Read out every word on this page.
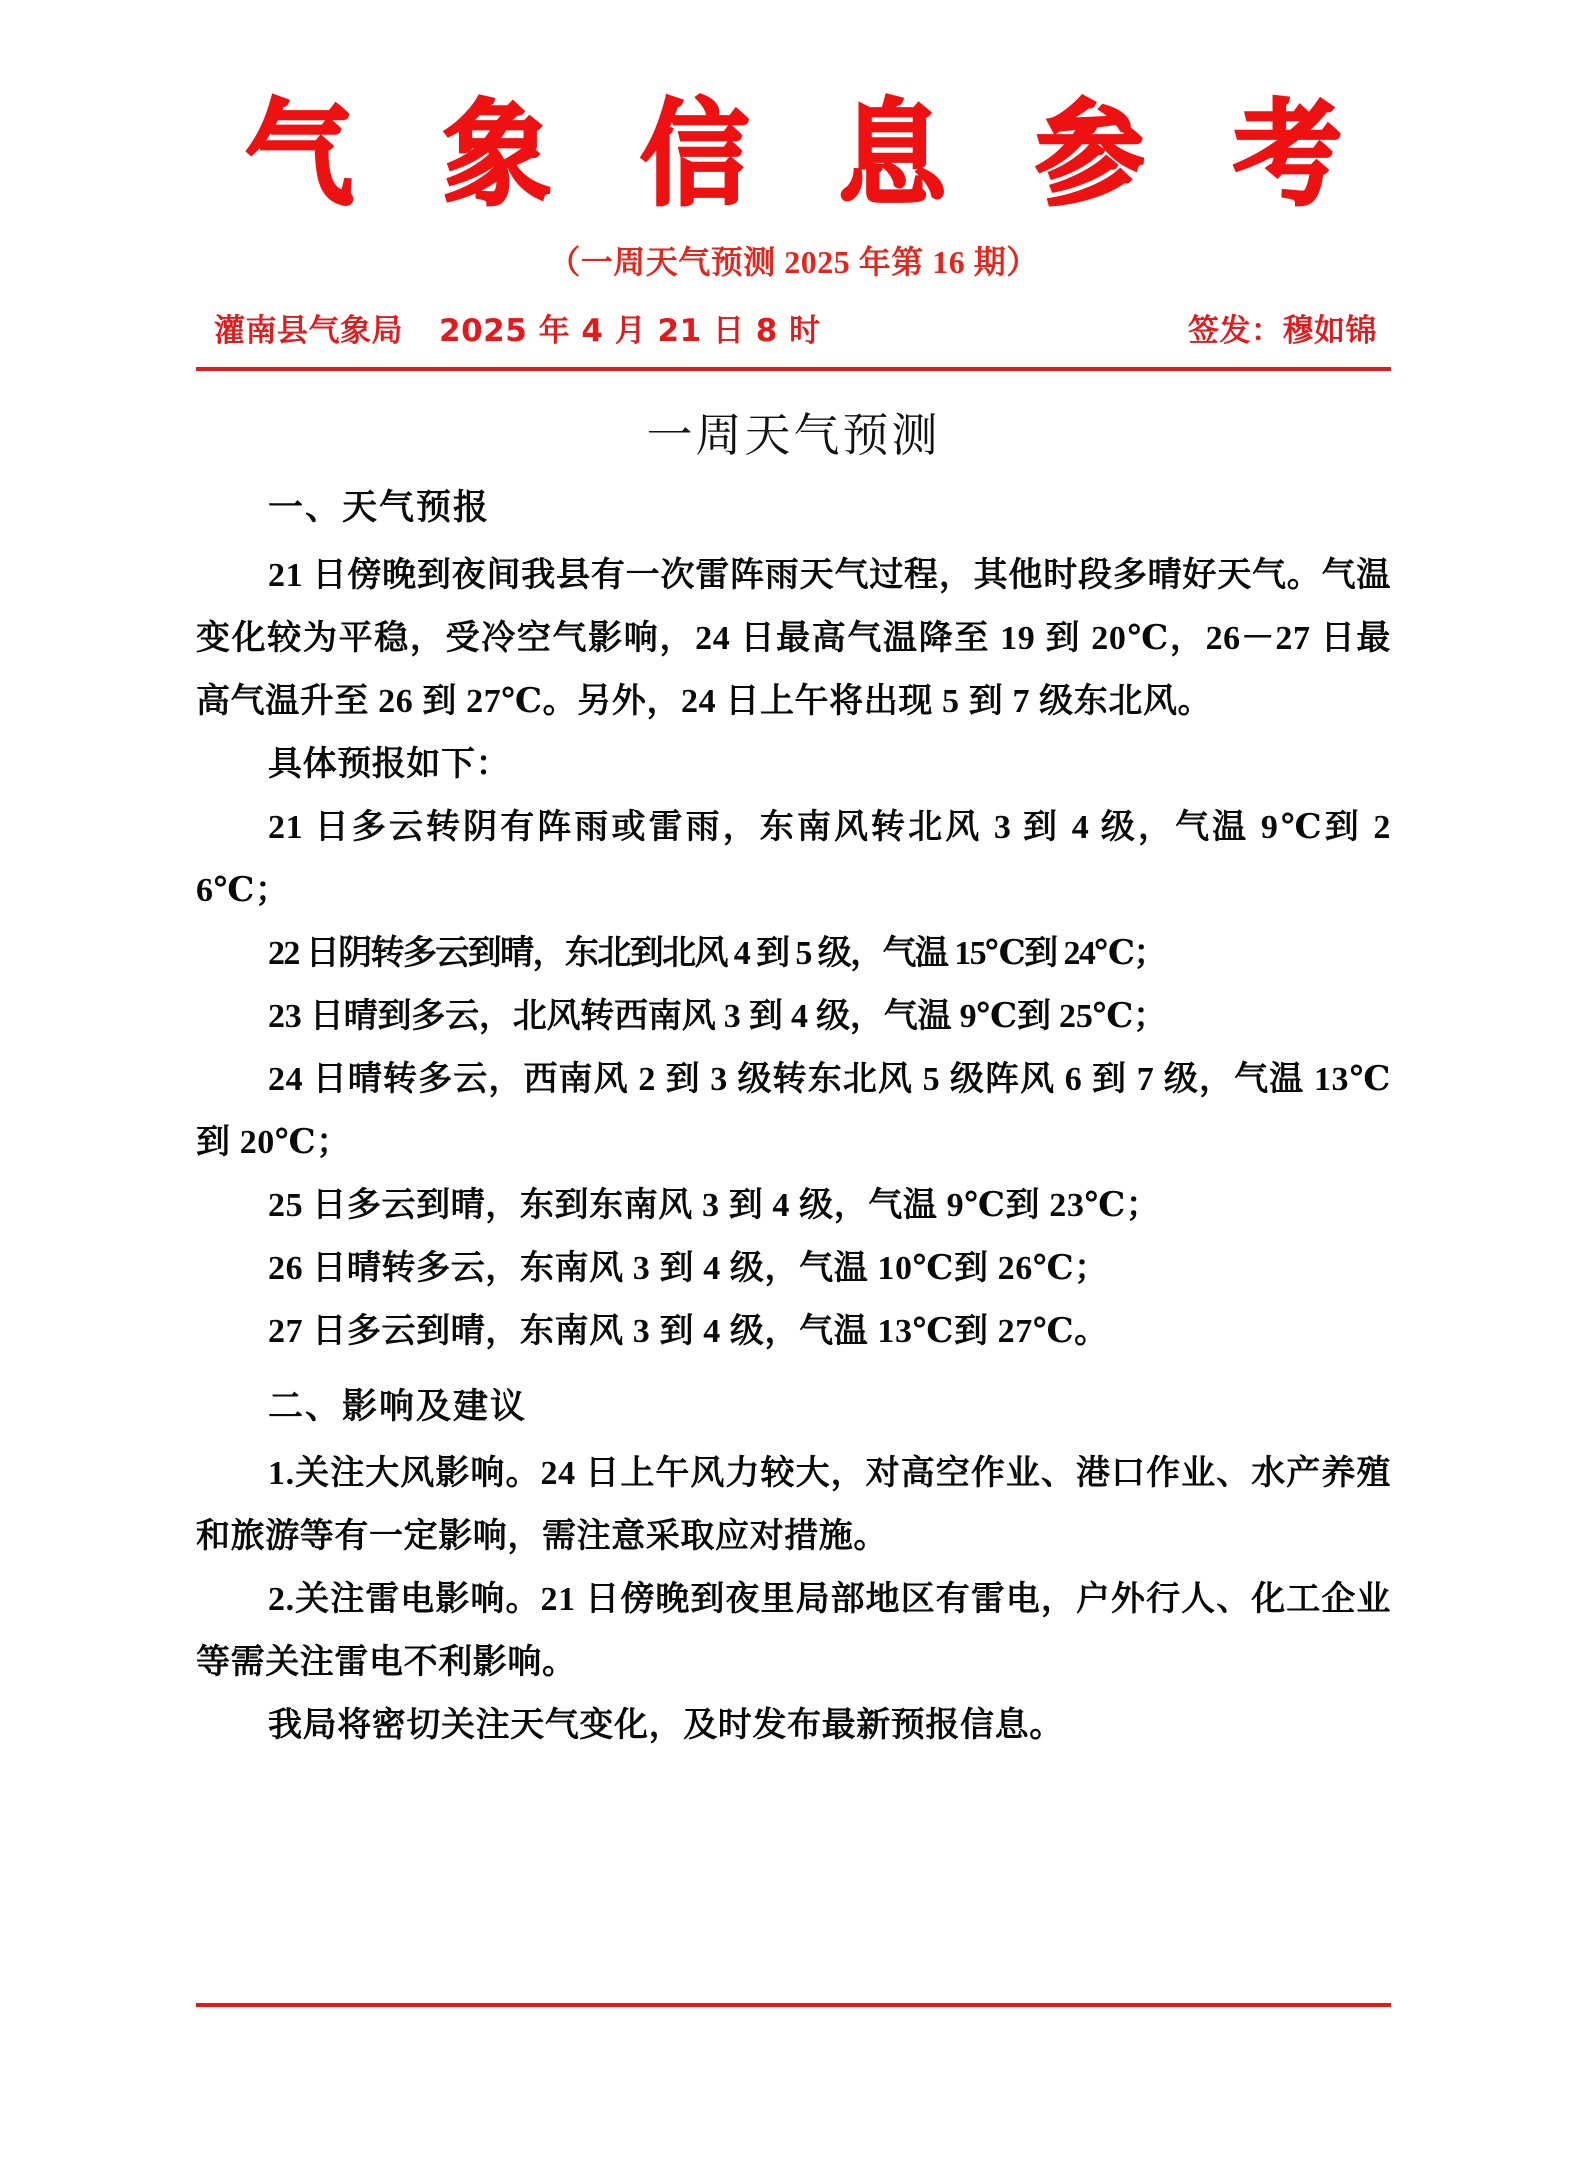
气 象 信 息 参 考
（一周天气预测 2025 年第 16 期）
灌南县气象局 2025 年 4 月 21 日 8 时	签发：穆如锦
一周天气预测
一、天气预报

21 日傍晚到夜间我县有一次雷阵雨天气过程，其他时段多晴好天气。气温变化较为平稳，受冷空气影响，24 日最高气温降至 19 到 20℃，26－27 日最高气温升至 26 到 27℃。另外，24 日上午将出现 5 到 7 级东北风。

具体预报如下：

21 日多云转阴有阵雨或雷雨，东南风转北风 3 到 4 级，气温 9℃到 26℃；

22 日阴转多云到晴，东北到北风 4 到 5 级，气温 15℃到 24℃；

23 日晴到多云，北风转西南风 3 到 4 级，气温 9℃到 25℃；

24 日晴转多云，西南风 2 到 3 级转东北风 5 级阵风 6 到 7 级，气温 13℃到 20℃；

25 日多云到晴，东到东南风 3 到 4 级，气温 9℃到 23℃；

26 日晴转多云，东南风 3 到 4 级，气温 10℃到 26℃；

27 日多云到晴，东南风 3 到 4 级，气温 13℃到 27℃。

二、影响及建议

1.关注大风影响。24 日上午风力较大，对高空作业、港口作业、水产养殖和旅游等有一定影响，需注意采取应对措施。

2.关注雷电影响。21 日傍晚到夜里局部地区有雷电，户外行人、化工企业等需关注雷电不利影响。

我局将密切关注天气变化，及时发布最新预报信息。
